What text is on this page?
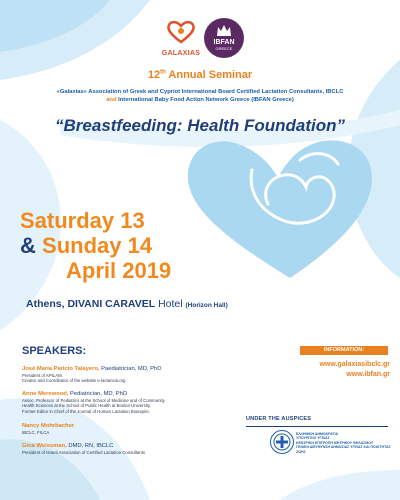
GALAXIAS
IBFAN
GREECE
12th Annual Seminar
«Galaxias» Association of Greek and Cypriot International Board Certified Lactation Consultants, IBCLC
and International Baby Food Action Network Greece (IBFAN Greece)
“Breastfeeding: Health Foundation”
Saturday 13
& Sunday 14
April 2019
Athens, DIVANI CARAVEL Hotel (Horizon Hall)
SPEAKERS:
José María Paricio Talayero, Paediatrician, MD, PhD
President of APILAM.
Creator and Coordinator of the website e-lactancia.org
Anne Merewood, Pediatrician, MD, PhD
Assoc. Professor of Pediatrics at the School of Medicine and of Community
Health Sciences at the School of Public Health at Boston University.
Former Editor in Chief of the Journal of Human Lactation Bioexpire.
Nancy Mohrbacher
IBCLC, FILCA
Gina Weissman, DMD, RN, IBCLC
President of Israeli Association of Certified Lactation Consultants
INFORMATION:
www.galaxiasibclc.gr
www.ibfan.gr
UNDER THE AUSPICES
ΕΛΛΗΝΙΚΗ ΔΗΜΟΚΡΑΤΙΑ
ΥΠΟΥΡΓΕΙΟ ΥΓΕΙΑΣ
ΚΕΝΤΡΙΚΗ ΕΠΙΤΡΟΠΗ ΜΗΤΡΙΚΟΥ ΘΗΛΑΣΜΟΥ
ΓΕΝΙΚΗ ΔΙΕΥΘΥΝΣΗ ΔΗΜΟΣΙΑΣ ΥΓΕΙΑΣ ΚΑΙ ΠΟΙΟΤΗΤΑΣ ΖΩΗΣ
